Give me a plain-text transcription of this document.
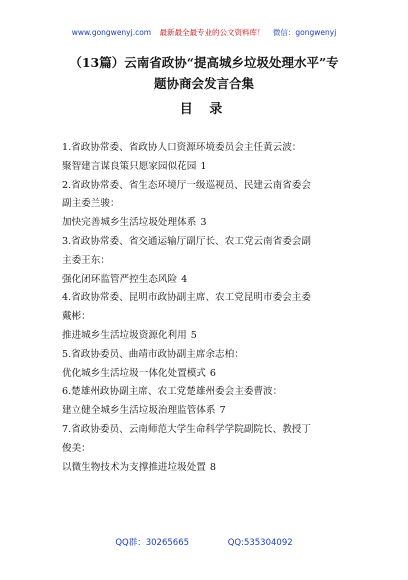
www.gongwenyj.com 最新最全最专业的公文资料库！ 微信：gongwenyj
（13篇）云南省政协“提高城乡垃圾处理水平”专
题协商会发言合集
目 录
1.省政协常委、省政协人口资源环境委员会主任黄云波：
聚智建言谋良策只愿家园似花园 1
2.省政协常委、省生态环境厅一级巡视员、民建云南省委会
副主委兰骏：
加快完善城乡生活垃圾处理体系 3
3.省政协常委、省交通运输厅副厅长、农工党云南省委会副
主委王东：
强化闭环监管严控生态风险 4
4.省政协常委、昆明市政协副主席、农工党昆明市委会主委
戴彬：
推进城乡生活垃圾资源化利用 5
5.省政协委员、曲靖市政协副主席余志柏：
优化城乡生活垃圾一体化处置模式 6
6.楚雄州政协副主席、农工党楚雄州委会主委曹波：
建立健全城乡生活垃圾治理监管体系 7
7.省政协委员、云南师范大学生命科学学院副院长、教授丁
俊美：
以微生物技术为支撑推进垃圾处置 8
QQ群：30265665	QQ:535304092
